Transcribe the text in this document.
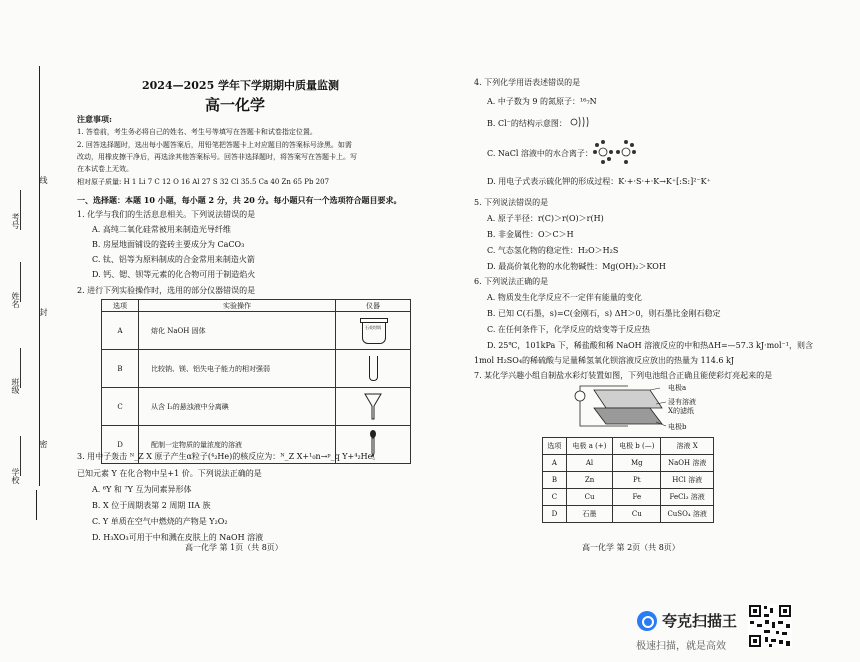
学校
班级
姓名
考号
密
封
线
2024—2025 学年下学期期中质量监测
高一化学
注意事项:
1. 答卷前，考生务必将自己的姓名、考生号等填写在答题卡和试卷指定位置。
2. 回答选择题时，选出每小题答案后，用铅笔把答题卡上对应题目的答案标号涂黑。如需
改动，用橡皮擦干净后，再选涂其他答案标号。回答非选择题时，将答案写在答题卡上。写
在本试卷上无效。
相对原子质量: H 1 Li 7 C 12 O 16 Al 27 S 32 Cl 35.5 Ca 40 Zn 65 Pb 207
一、选择题：本题 10 小题，每小题 2 分，共 20 分。每小题只有一个选项符合题目要求。
1. 化学与我们的生活息息相关。下列说法错误的是
A. 高纯二氧化硅常被用来制造光导纤维
B. 房屋地面铺设的瓷砖主要成分为 CaCO₃
C. 钛、铝等为原料制成的合金常用来制造火箭
D. 钙、锶、钡等元素的化合物可用于制造焰火
2. 进行下列实验操作时，选用的部分仪器错误的是
选项	实验操作	仪器
A	熔化 NaOH 固体	石英坩埚

B	比较钠、镁、铝失电子能力的相对强弱	

C	从含 I₂的悬浊液中分离碘	
D	配制一定物质的量浓度的溶液	
3. 用中子轰击 ᴺ_Z X 原子产生α粒子(⁴₂He)的核反应为：ᴺ_Z X+¹₀n→ᵖ_q Y+⁴₂He。
已知元素 Y 在化合物中呈+1 价。下列说法正确的是
A. ⁶Y 和 ⁷Y 互为同素异形体
B. X 位于周期表第 2 周期 IIA 族
C. Y 单质在空气中燃烧的产物是 Y₂O₂
D. H₃XO₃可用于中和溅在皮肤上的 NaOH 溶液
高一化学 第 1页（共 8页）
4. 下列化学用语表述错误的是
A. 中子数为 9 的氮原子：¹⁶₇N
B. Cl⁻的结构示意图：
C. NaCl 溶液中的水合离子：
D. 用电子式表示硫化钾的形成过程：K·+·S·+·K→K⁺[:S:]²⁻K⁺
5. 下列说法错误的是
A. 原子半径：r(C)＞r(O)＞r(H)
B. 非金属性：O＞C＞H
C. 气态氢化物的稳定性：H₂O＞H₂S
D. 最高价氧化物的水化物碱性：Mg(OH)₂＞KOH
6. 下列说法正确的是
A. 物质发生化学反应不一定伴有能量的变化
B. 已知 C(石墨，s)=C(金刚石，s) ΔH＞0，则石墨比金刚石稳定
C. 在任何条件下，化学反应的焓变等于反应热
D. 25℃，101kPa 下，稀盐酸和稀 NaOH 溶液反应的中和热ΔH=—57.3 kJ·mol⁻¹，则含
1mol H₂SO₄的稀硫酸与足量稀氢氧化钡溶液反应放出的热量为 114.6 kJ
7. 某化学兴趣小组自制盐水彩灯装置如图，下列电池组合正确且能使彩灯亮起来的是
电极a
浸有溶液
X的滤纸
电极b
选项	电极 a (+)	电极 b (—)	溶液 X
A	Al	Mg	NaOH 溶液
B	Zn	Pt	HCl 溶液
C	Cu	Fe	FeCl₃ 溶液
D	石墨	Cu	CuSO₄ 溶液
高一化学 第 2页（共 8页）
夸克扫描王
极速扫描，就是高效
